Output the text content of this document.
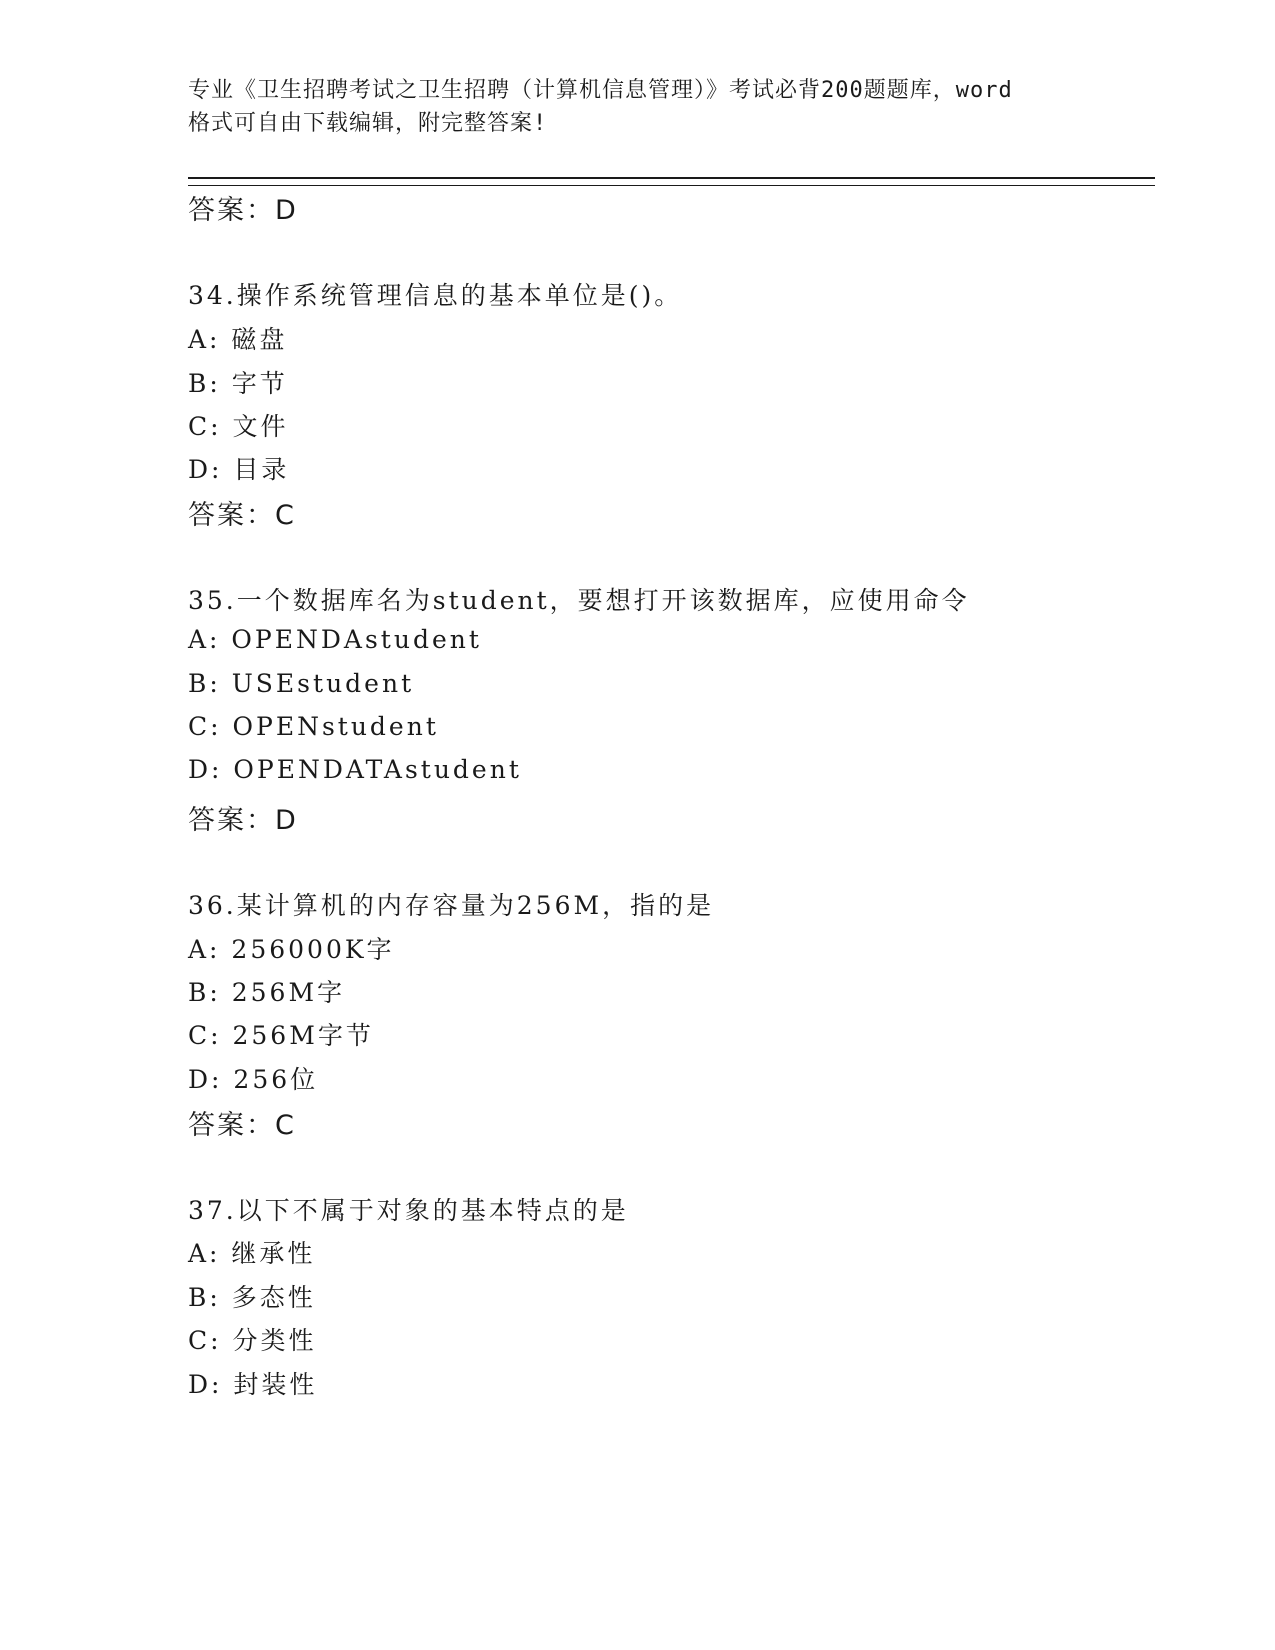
专业《卫生招聘考试之卫生招聘（计算机信息管理）》考试必背200题题库，word
格式可自由下载编辑，附完整答案!
答案：D
34.操作系统管理信息的基本单位是()。
A: 磁盘
B: 字节
C: 文件
D: 目录
答案：C
35.一个数据库名为student，要想打开该数据库，应使用命令
A: OPENDAstudent
B: USEstudent
C: OPENstudent
D: OPENDATAstudent
答案：D
36.某计算机的内存容量为256M，指的是
A: 256000K字
B: 256M字
C: 256M字节
D: 256位
答案：C
37.以下不属于对象的基本特点的是
A: 继承性
B: 多态性
C: 分类性
D: 封装性
